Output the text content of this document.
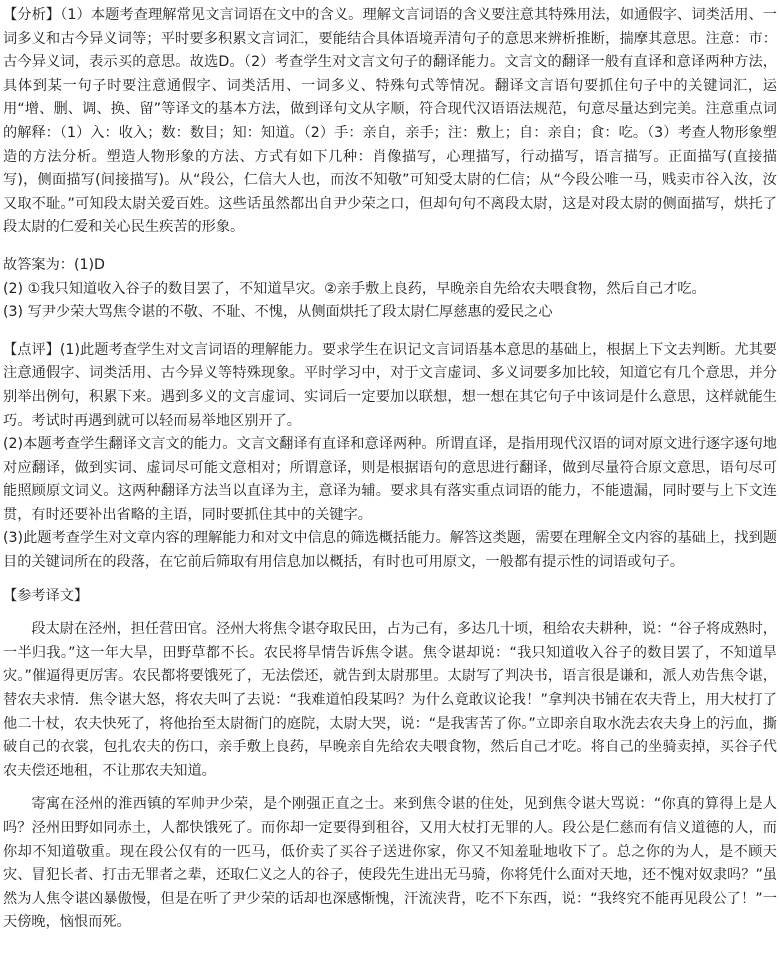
【分析】（1）本题考查理解常见文言词语在文中的含义。理解文言词语的含义要注意其特殊用法，如通假字、词类活用、一词多义和古今异义词等；平时要多积累文言词汇，要能结合具体语境弄清句子的意思来辨析推断，揣摩其意思。注意：市：古今异义词，表示买的意思。故选D。（2）考查学生对文言文句子的翻译能力。文言文的翻译一般有直译和意译两种方法，具体到某一句子时要注意通假字、词类活用、一词多义、特殊句式等情况。翻译文言语句要抓住句子中的关键词汇，运用“增、删、调、换、留”等译文的基本方法，做到译句文从字顺，符合现代汉语语法规范，句意尽量达到完美。注意重点词的解释：（1）入：收入；数：数目；知：知道。（2）手：亲自，亲手；注：敷上；自：亲自；食：吃。（3）考查人物形象塑造的方法分析。塑造人物形象的方法、方式有如下几种：肖像描写，心理描写，行动描写，语言描写。正面描写(直接描写)，侧面描写(间接描写)。从“段公，仁信大人也，而汝不知敬”可知受太尉的仁信；从“今段公唯一马，贱卖市谷入汝，汝又取不耻。”可知段太尉关爱百姓。这些话虽然都出自尹少荣之口，但却句句不离段太尉，这是对段太尉的侧面描写，烘托了段太尉的仁爱和关心民生疾苦的形象。

故答案为：(1)D

(2) ①我只知道收入谷子的数目罢了，不知道旱灾。②亲手敷上良药，早晚亲自先给农夫喂食物，然后自己才吃。

(3) 写尹少荣大骂焦令谌的不敬、不耻、不愧，从侧面烘托了段太尉仁厚慈惠的爱民之心

【点评】(1)此题考查学生对文言词语的理解能力。要求学生在识记文言词语基本意思的基础上，根据上下文去判断。尤其要注意通假字、词类活用、古今异义等特殊现象。平时学习中，对于文言虚词、多义词要多加比较，知道它有几个意思，并分别举出例句，积累下来。遇到多义的文言虚词、实词后一定要加以联想，想一想在其它句子中该词是什么意思，这样就能生巧。考试时再遇到就可以轻而易举地区别开了。

(2)本题考查学生翻译文言文的能力。文言文翻译有直译和意译两种。所谓直译，是指用现代汉语的词对原文进行逐字逐句地对应翻译，做到实词、虚词尽可能文意相对；所谓意译，则是根据语句的意思进行翻译，做到尽量符合原文意思，语句尽可能照顾原文词义。这两种翻译方法当以直译为主，意译为辅。要求具有落实重点词语的能力，不能遗漏，同时要与上下文连贯，有时还要补出省略的主语，同时要抓住其中的关键字。

(3)此题考查学生对文章内容的理解能力和对文中信息的筛选概括能力。解答这类题，需要在理解全文内容的基础上，找到题目的关键词所在的段落，在它前后筛取有用信息加以概括，有时也可用原文，一般都有提示性的词语或句子。

【参考译文】

段太尉在泾州，担任营田官。泾州大将焦令谌夺取民田，占为己有，多达几十顷，租给农夫耕种，说：“谷子将成熟时，一半归我。”这一年大旱，田野草都不长。农民将旱情告诉焦令谌。焦令谌却说：“我只知道收入谷子的数目罢了，不知道旱灾。”催逼得更厉害。农民都将要饿死了，无法偿还，就告到太尉那里。太尉写了判决书，语言很是谦和，派人劝告焦令谌，替农夫求情．焦令谌大怒，将农夫叫了去说：“我难道怕段某吗？为什么竟敢议论我！”拿判决书铺在农夫背上，用大杖打了他二十杖，农夫快死了，将他抬至太尉衙门的庭院，太尉大哭，说：“是我害苦了你。”立即亲自取水洗去农夫身上的污血，撕破自己的衣裳，包扎农夫的伤口，亲手敷上良药，早晚亲自先给农夫喂食物，然后自己才吃。将自己的坐骑卖掉，买谷子代农夫偿还地租，不让那农夫知道。

寄寓在泾州的淮西镇的军帅尹少荣，是个刚强正直之士。来到焦令谌的住处，见到焦令谌大骂说：“你真的算得上是人吗？泾州田野如同赤土，人都快饿死了。而你却一定要得到租谷，又用大杖打无罪的人。段公是仁慈而有信义道德的人，而你却不知道敬重。现在段公仅有的一匹马，低价卖了买谷子送进你家，你又不知羞耻地收下了。总之你的为人，是不顾天灾、冒犯长者、打击无罪者之辈，还取仁义之人的谷子，使段先生进出无马骑，你将凭什么面对天地，还不愧对奴隶吗？”虽然为人焦令谌凶暴傲慢，但是在听了尹少荣的话却也深感惭愧，汗流浃背，吃不下东西，说：“我终究不能再见段公了！”一天傍晚，恼恨而死。
